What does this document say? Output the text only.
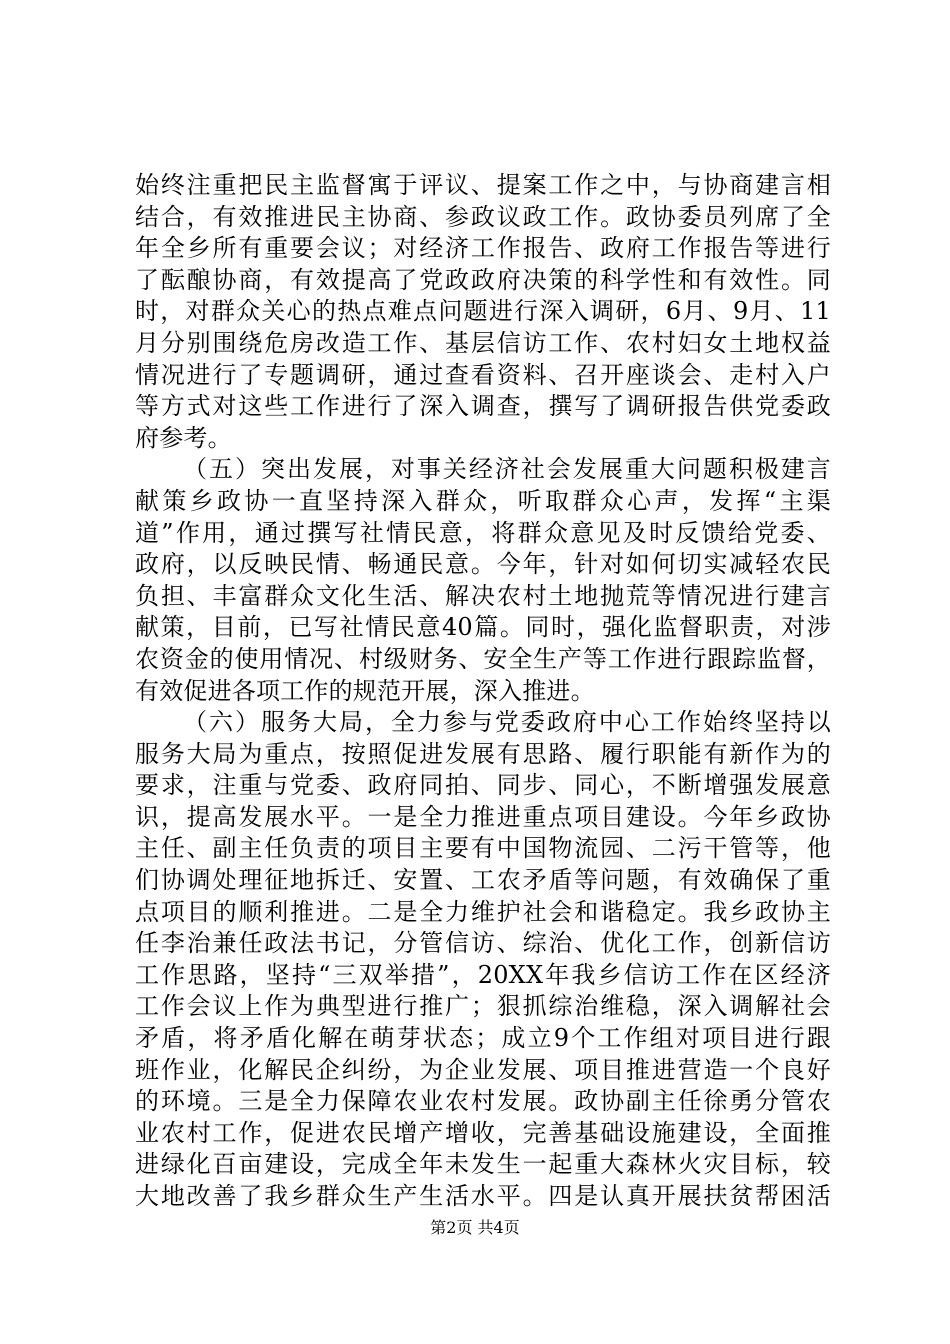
始终注重把民主监督寓于评议、提案工作之中，与协商建言相
结合，有效推进民主协商、参政议政工作。政协委员列席了全
年全乡所有重要会议；对经济工作报告、政府工作报告等进行
了酝酿协商，有效提高了党政政府决策的科学性和有效性。同
时，对群众关心的热点难点问题进行深入调研，6月、9月、11
月分别围绕危房改造工作、基层信访工作、农村妇女土地权益
情况进行了专题调研，通过查看资料、召开座谈会、走村入户
等方式对这些工作进行了深入调查，撰写了调研报告供党委政
府参考。
（五）突出发展，对事关经济社会发展重大问题积极建言
献策乡政协一直坚持深入群众，听取群众心声，发挥“主渠
道”作用，通过撰写社情民意，将群众意见及时反馈给党委、
政府，以反映民情、畅通民意。今年，针对如何切实减轻农民
负担、丰富群众文化生活、解决农村土地抛荒等情况进行建言
献策，目前，已写社情民意40篇。同时，强化监督职责，对涉
农资金的使用情况、村级财务、安全生产等工作进行跟踪监督，
有效促进各项工作的规范开展，深入推进。
（六）服务大局，全力参与党委政府中心工作始终坚持以
服务大局为重点，按照促进发展有思路、履行职能有新作为的
要求，注重与党委、政府同拍、同步、同心，不断增强发展意
识，提高发展水平。一是全力推进重点项目建设。今年乡政协
主任、副主任负责的项目主要有中国物流园、二污干管等，他
们协调处理征地拆迁、安置、工农矛盾等问题，有效确保了重
点项目的顺利推进。二是全力维护社会和谐稳定。我乡政协主
任李治兼任政法书记，分管信访、综治、优化工作，创新信访
工作思路，坚持“三双举措”，20XX年我乡信访工作在区经济
工作会议上作为典型进行推广；狠抓综治维稳，深入调解社会
矛盾，将矛盾化解在萌芽状态；成立9个工作组对项目进行跟
班作业，化解民企纠纷，为企业发展、项目推进营造一个良好
的环境。三是全力保障农业农村发展。政协副主任徐勇分管农
业农村工作，促进农民增产增收，完善基础设施建设，全面推
进绿化百亩建设，完成全年未发生一起重大森林火灾目标，较
大地改善了我乡群众生产生活水平。四是认真开展扶贫帮困活
第2页 共4页
